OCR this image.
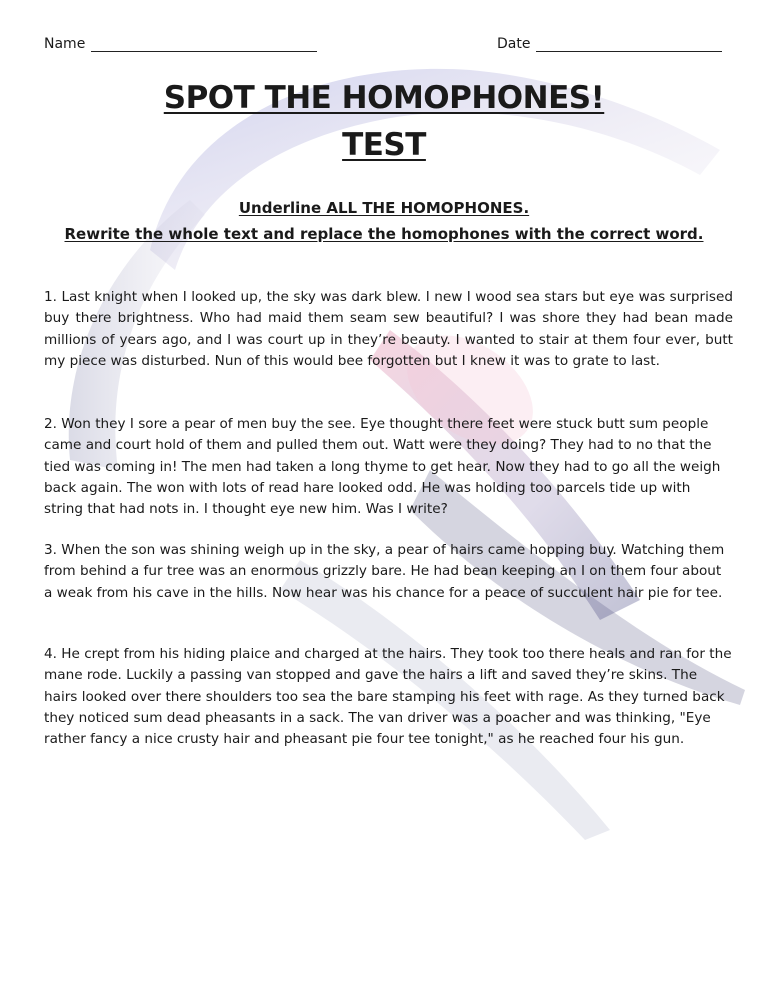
Name	Date
SPOT THE HOMOPHONES!
TEST
Underline ALL THE HOMOPHONES.
Rewrite the whole text and replace the homophones with the correct word.

1. Last knight when I looked up, the sky was dark blew. I new I wood sea stars but eye was surprised buy there brightness. Who had maid them seam sew beautiful? I was shore they had bean made millions of years ago, and I was court up in they’re beauty. I wanted to stair at them four ever, butt my piece was disturbed. Nun of this would bee forgotten but I knew it was to grate to last.

2. Won they I sore a pear of men buy the see. Eye thought there feet were stuck butt sum people came and court hold of them and pulled them out. Watt were they doing? They had to no that the tied was coming in! The men had taken a long thyme to get hear. Now they had to go all the weigh back again. The won with lots of read hare looked odd. He was holding too parcels tide up with string that had nots in. I thought eye new him. Was I write?

3. When the son was shining weigh up in the sky, a pear of hairs came hopping buy. Watching them from behind a fur tree was an enormous grizzly bare. He had bean keeping an I on them four about a weak from his cave in the hills. Now hear was his chance for a peace of succulent hair pie for tee.

4. He crept from his hiding plaice and charged at the hairs. They took too there heals and ran for the mane rode. Luckily a passing van stopped and gave the hairs a lift and saved they’re skins. The hairs looked over there shoulders too sea the bare stamping his feet with rage. As they turned back they noticed sum dead pheasants in a sack. The van driver was a poacher and was thinking, "Eye rather fancy a nice crusty hair and pheasant pie four tee tonight," as he reached four his gun.
